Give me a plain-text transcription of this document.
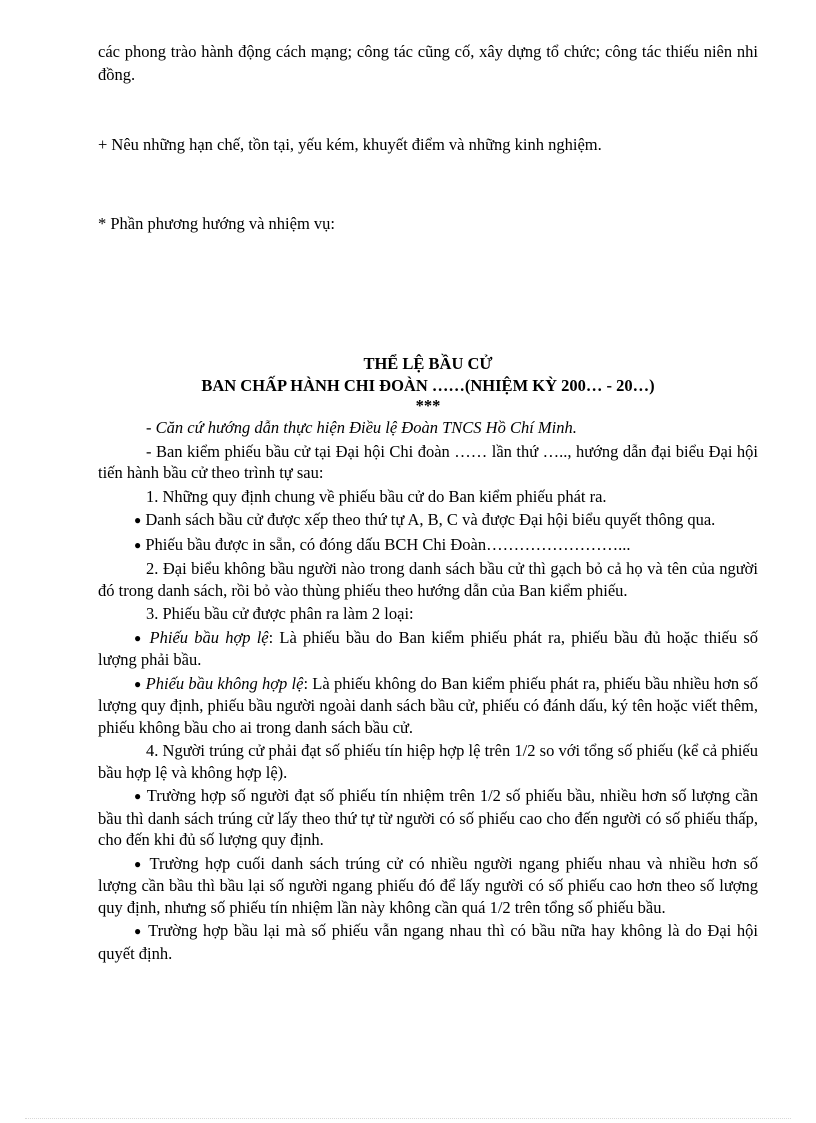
các phong trào hành động cách mạng; công tác cũng cố, xây dựng tổ chức; công tác thiếu niên nhi đồng.

+ Nêu những hạn chế, tồn tại, yếu kém, khuyết điểm và những kinh nghiệm.

* Phần phương hướng và nhiệm vụ:

THỂ LỆ BẦU CỬ

BAN CHẤP HÀNH CHI ĐOÀN ……(NHIỆM KỲ 200… - 20…)

***

- Căn cứ hướng dẫn thực hiện Điều lệ Đoàn TNCS Hồ Chí Minh.

- Ban kiểm phiếu bầu cử tại Đại hội Chi đoàn …… lần thứ ….., hướng dẫn đại biểu Đại hội tiến hành bầu cử theo trình tự sau:

1. Những quy định chung về phiếu bầu cử do Ban kiểm phiếu phát ra.

● Danh sách bầu cử được xếp theo thứ tự A, B, C và được Đại hội biểu quyết thông qua.

● Phiếu bầu được in sẵn, có đóng dấu BCH Chi Đoàn……………………...

2. Đại biểu không bầu người nào trong danh sách bầu cử thì gạch bỏ cả họ và tên của người đó trong danh sách, rồi bỏ vào thùng phiếu theo hướng dẫn của Ban kiểm phiếu.

3. Phiếu bầu cử được phân ra làm 2 loại:

● Phiếu bầu hợp lệ: Là phiếu bầu do Ban kiểm phiếu phát ra, phiếu bầu đủ hoặc thiếu số lượng phải bầu.

● Phiếu bầu không hợp lệ: Là phiếu không do Ban kiểm phiếu phát ra, phiếu bầu nhiều hơn số lượng quy định, phiếu bầu người ngoài danh sách bầu cử, phiếu có đánh dấu, ký tên hoặc viết thêm, phiếu không bầu cho ai trong danh sách bầu cử.

4. Người trúng cử phải đạt số phiếu tín hiệp hợp lệ trên 1/2 so với tổng số phiếu (kể cả phiếu bầu hợp lệ và không hợp lệ).

● Trường hợp số người đạt số phiếu tín nhiệm trên 1/2 số phiếu bầu, nhiều hơn số lượng cần bầu thì danh sách trúng cử lấy theo thứ tự từ người có số phiếu cao cho đến người có số phiếu thấp, cho đến khi đủ số lượng quy định.

● Trường hợp cuối danh sách trúng cử có nhiều người ngang phiếu nhau và nhiều hơn số lượng cần bầu thì bầu lại số người ngang phiếu đó để lấy người có số phiếu cao hơn theo số lượng quy định, nhưng số phiếu tín nhiệm lần này không cần quá 1/2 trên tổng số phiếu bầu.

● Trường hợp bầu lại mà số phiếu vẫn ngang nhau thì có bầu nữa hay không là do Đại hội quyết định.
